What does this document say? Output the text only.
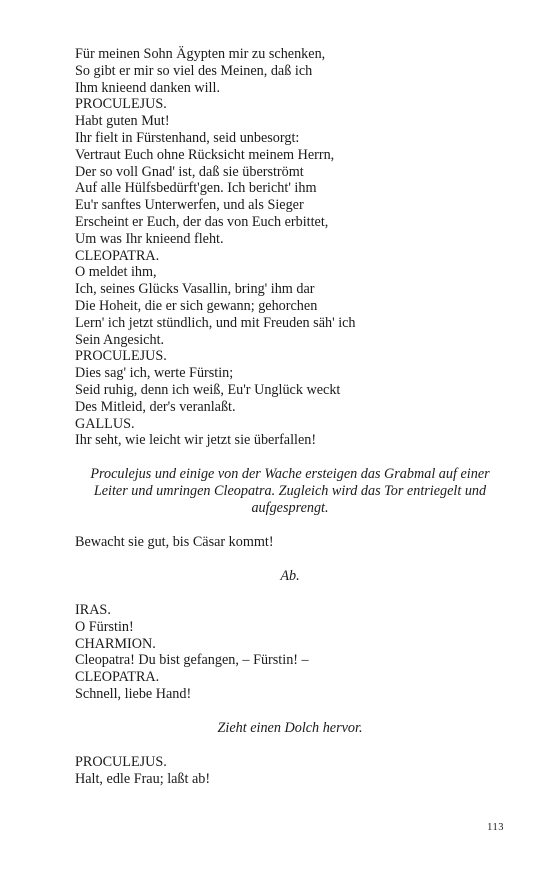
Für meinen Sohn Ägypten mir zu schenken,
So gibt er mir so viel des Meinen, daß ich
Ihm knieend danken will.
PROCULEJUS.
Habt guten Mut!
Ihr fielt in Fürstenhand, seid unbesorgt:
Vertraut Euch ohne Rücksicht meinem Herrn,
Der so voll Gnad' ist, daß sie überströmt
Auf alle Hülfsbedürft'gen. Ich bericht' ihm
Eu'r sanftes Unterwerfen, und als Sieger
Erscheint er Euch, der das von Euch erbittet,
Um was Ihr knieend fleht.
CLEOPATRA.
O meldet ihm,
Ich, seines Glücks Vasallin, bring' ihm dar
Die Hoheit, die er sich gewann; gehorchen
Lern' ich jetzt stündlich, und mit Freuden säh' ich
Sein Angesicht.
PROCULEJUS.
Dies sag' ich, werte Fürstin;
Seid ruhig, denn ich weiß, Eu'r Unglück weckt
Des Mitleid, der's veranlaßt.
GALLUS.
Ihr seht, wie leicht wir jetzt sie überfallen!

Proculejus und einige von der Wache ersteigen das Grabmal auf einer Leiter und umringen Cleopatra. Zugleich wird das Tor entriegelt und aufgesprengt.

Bewacht sie gut, bis Cäsar kommt!

Ab.

IRAS.
O Fürstin!
CHARMION.
Cleopatra! Du bist gefangen, – Fürstin! –
CLEOPATRA.
Schnell, liebe Hand!

Zieht einen Dolch hervor.

PROCULEJUS.
Halt, edle Frau; laßt ab!
113
